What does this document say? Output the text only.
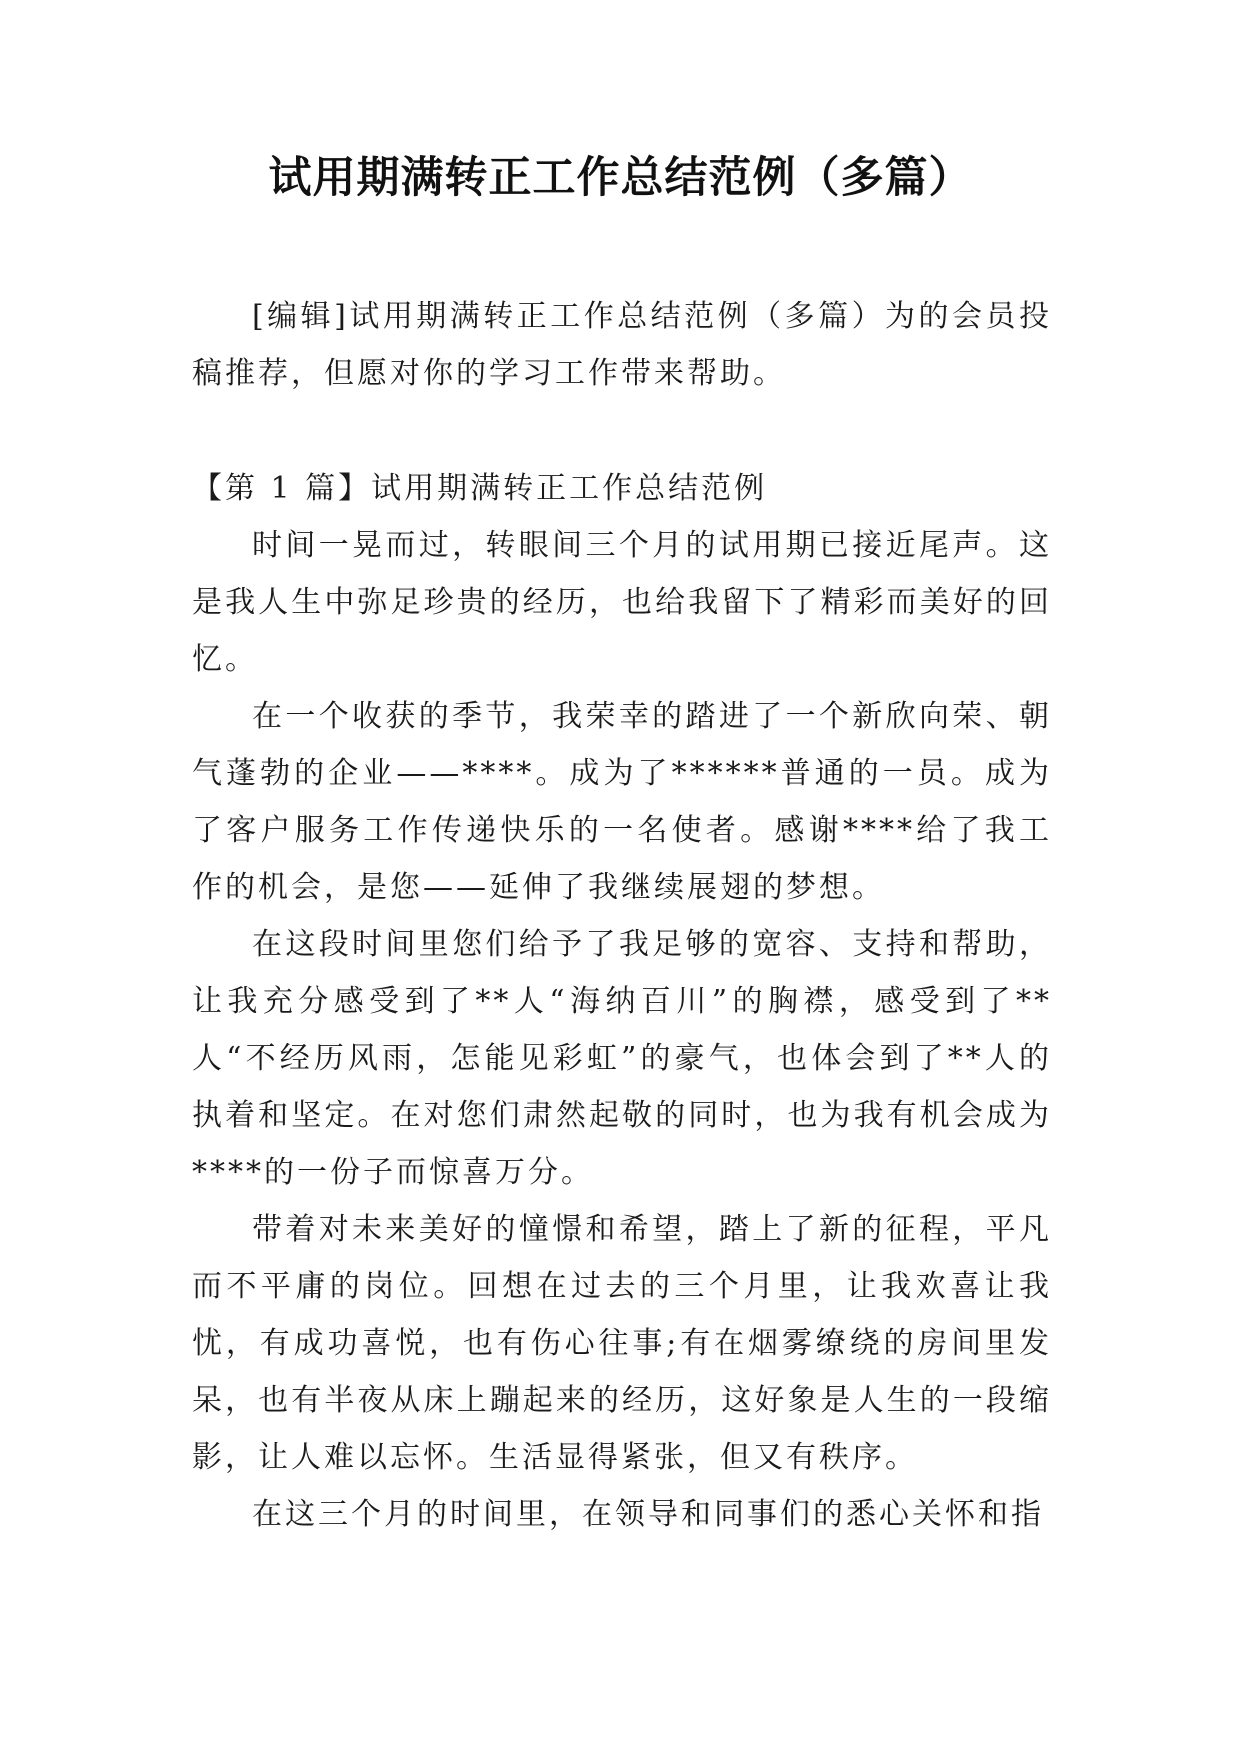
试用期满转正工作总结范例（多篇）

[编辑]试用期满转正工作总结范例（多篇）为的会员投稿推荐，但愿对你的学习工作带来帮助。

【第 1 篇】试用期满转正工作总结范例

时间一晃而过，转眼间三个月的试用期已接近尾声。这是我人生中弥足珍贵的经历，也给我留下了精彩而美好的回忆。

在一个收获的季节，我荣幸的踏进了一个新欣向荣、朝气蓬勃的企业——****。成为了******普通的一员。成为了客户服务工作传递快乐的一名使者。感谢****给了我工作的机会，是您——延伸了我继续展翅的梦想。

在这段时间里您们给予了我足够的宽容、支持和帮助，让我充分感受到了**人“海纳百川”的胸襟，感受到了**人“不经历风雨，怎能见彩虹”的豪气，也体会到了**人的执着和坚定。在对您们肃然起敬的同时，也为我有机会成为****的一份子而惊喜万分。

带着对未来美好的憧憬和希望，踏上了新的征程，平凡而不平庸的岗位。回想在过去的三个月里，让我欢喜让我忧，有成功喜悦，也有伤心往事;有在烟雾缭绕的房间里发呆，也有半夜从床上蹦起来的经历，这好象是人生的一段缩影，让人难以忘怀。生活显得紧张，但又有秩序。

在这三个月的时间里，在领导和同事们的悉心关怀和指
